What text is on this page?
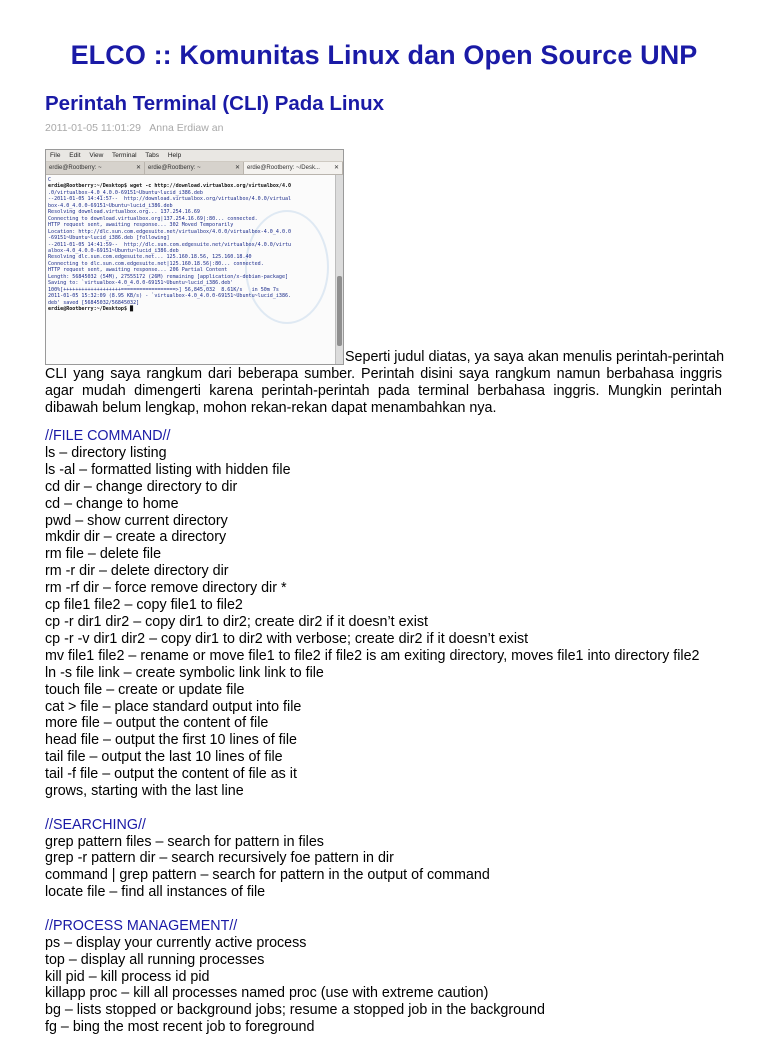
ELCO :: Komunitas Linux dan Open Source UNP
Perintah Terminal (CLI) Pada Linux
2011-01-05 11:01:29 Anna Erdiaw an
File Edit View Terminal Tabs Help
erdie@Rootberry: ~	✕ erdie@Rootberry: ~	✕ erdie@Rootberry: ~/Desk... ✕
C
erdie@Rootberry:~/Desktop$ wget -c http://download.virtualbox.org/virtualbox/4.0
.0/virtualbox-4.0_4.0.0-69151~Ubuntu~lucid_i386.deb
--2011-01-05 14:41:57--  http://download.virtualbox.org/virtualbox/4.0.0/virtual
box-4.0_4.0.0-69151~Ubuntu~lucid_i386.deb
Resolving download.virtualbox.org... 137.254.16.69
Connecting to download.virtualbox.org|137.254.16.69|:80... connected.
HTTP request sent, awaiting response... 302 Moved Temporarily
Location: http://dlc.sun.com.edgesuite.net/virtualbox/4.0.0/virtualbox-4.0_4.0.0
-69151~Ubuntu~lucid_i386.deb [following]
--2011-01-05 14:41:59--  http://dlc.sun.com.edgesuite.net/virtualbox/4.0.0/virtu
albox-4.0_4.0.0-69151~Ubuntu~lucid_i386.deb
Resolving dlc.sun.com.edgesuite.net... 125.160.18.56, 125.160.18.40
Connecting to dlc.sun.com.edgesuite.net|125.160.18.56|:80... connected.
HTTP request sent, awaiting response... 206 Partial Content
Length: 56845032 (54M), 27555172 (26M) remaining [application/x-debian-package]
Saving to: `virtualbox-4.0_4.0.0-69151~Ubuntu~lucid_i386.deb'
100%[+++++++++++++++++++==================>] 56,845,032  8.61K/s   in 50m 7s
2011-01-05 15:32:09 (8.95 KB/s) - `virtualbox-4.0_4.0.0-69151~Ubuntu~lucid_i386.
deb' saved [56845032/56845032]
erdie@Rootberry:~/Desktop$ █
Seperti judul diatas, ya saya akan menulis perintah-perintah

CLI yang saya rangkum dari beberapa sumber. Perintah disini saya rangkum namun berbahasa inggris agar mudah dimengerti karena perintah-perintah pada terminal berbahasa inggris. Mungkin perintah dibawah belum lengkap, mohon rekan-rekan dapat menambahkan nya.

//FILE COMMAND//
ls – directory listing
ls -al – formatted listing with hidden file
cd dir – change directory to dir
cd – change to home
pwd – show current directory
mkdir dir – create a directory
rm file – delete file
rm -r dir – delete directory dir
rm -rf dir – force remove directory dir *
cp file1 file2 – copy file1 to file2
cp -r dir1 dir2 – copy dir1 to dir2; create dir2 if it doesn’t exist
cp -r -v dir1 dir2 – copy dir1 to dir2 with verbose; create dir2 if it doesn’t exist
mv file1 file2 – rename or move file1 to file2 if file2 is am exiting directory, moves file1 into directory file2
ln -s file link – create symbolic link link to file
touch file – create or update file
cat > file – place standard output into file
more file – output the content of file
head file – output the first 10 lines of file
tail file – output the last 10 lines of file
tail -f file – output the content of file as it
grows, starting with the last line
//SEARCHING//
grep pattern files – search for pattern in files
grep -r pattern dir – search recursively foe pattern in dir
command | grep pattern – search for pattern in the output of command
locate file – find all instances of file
//PROCESS MANAGEMENT//
ps – display your currently active process
top – display all running processes
kill pid – kill process id pid
killapp proc – kill all processes named proc (use with extreme caution)
bg – lists stopped or background jobs; resume a stopped job in the background
fg – bing the most recent job to foreground
